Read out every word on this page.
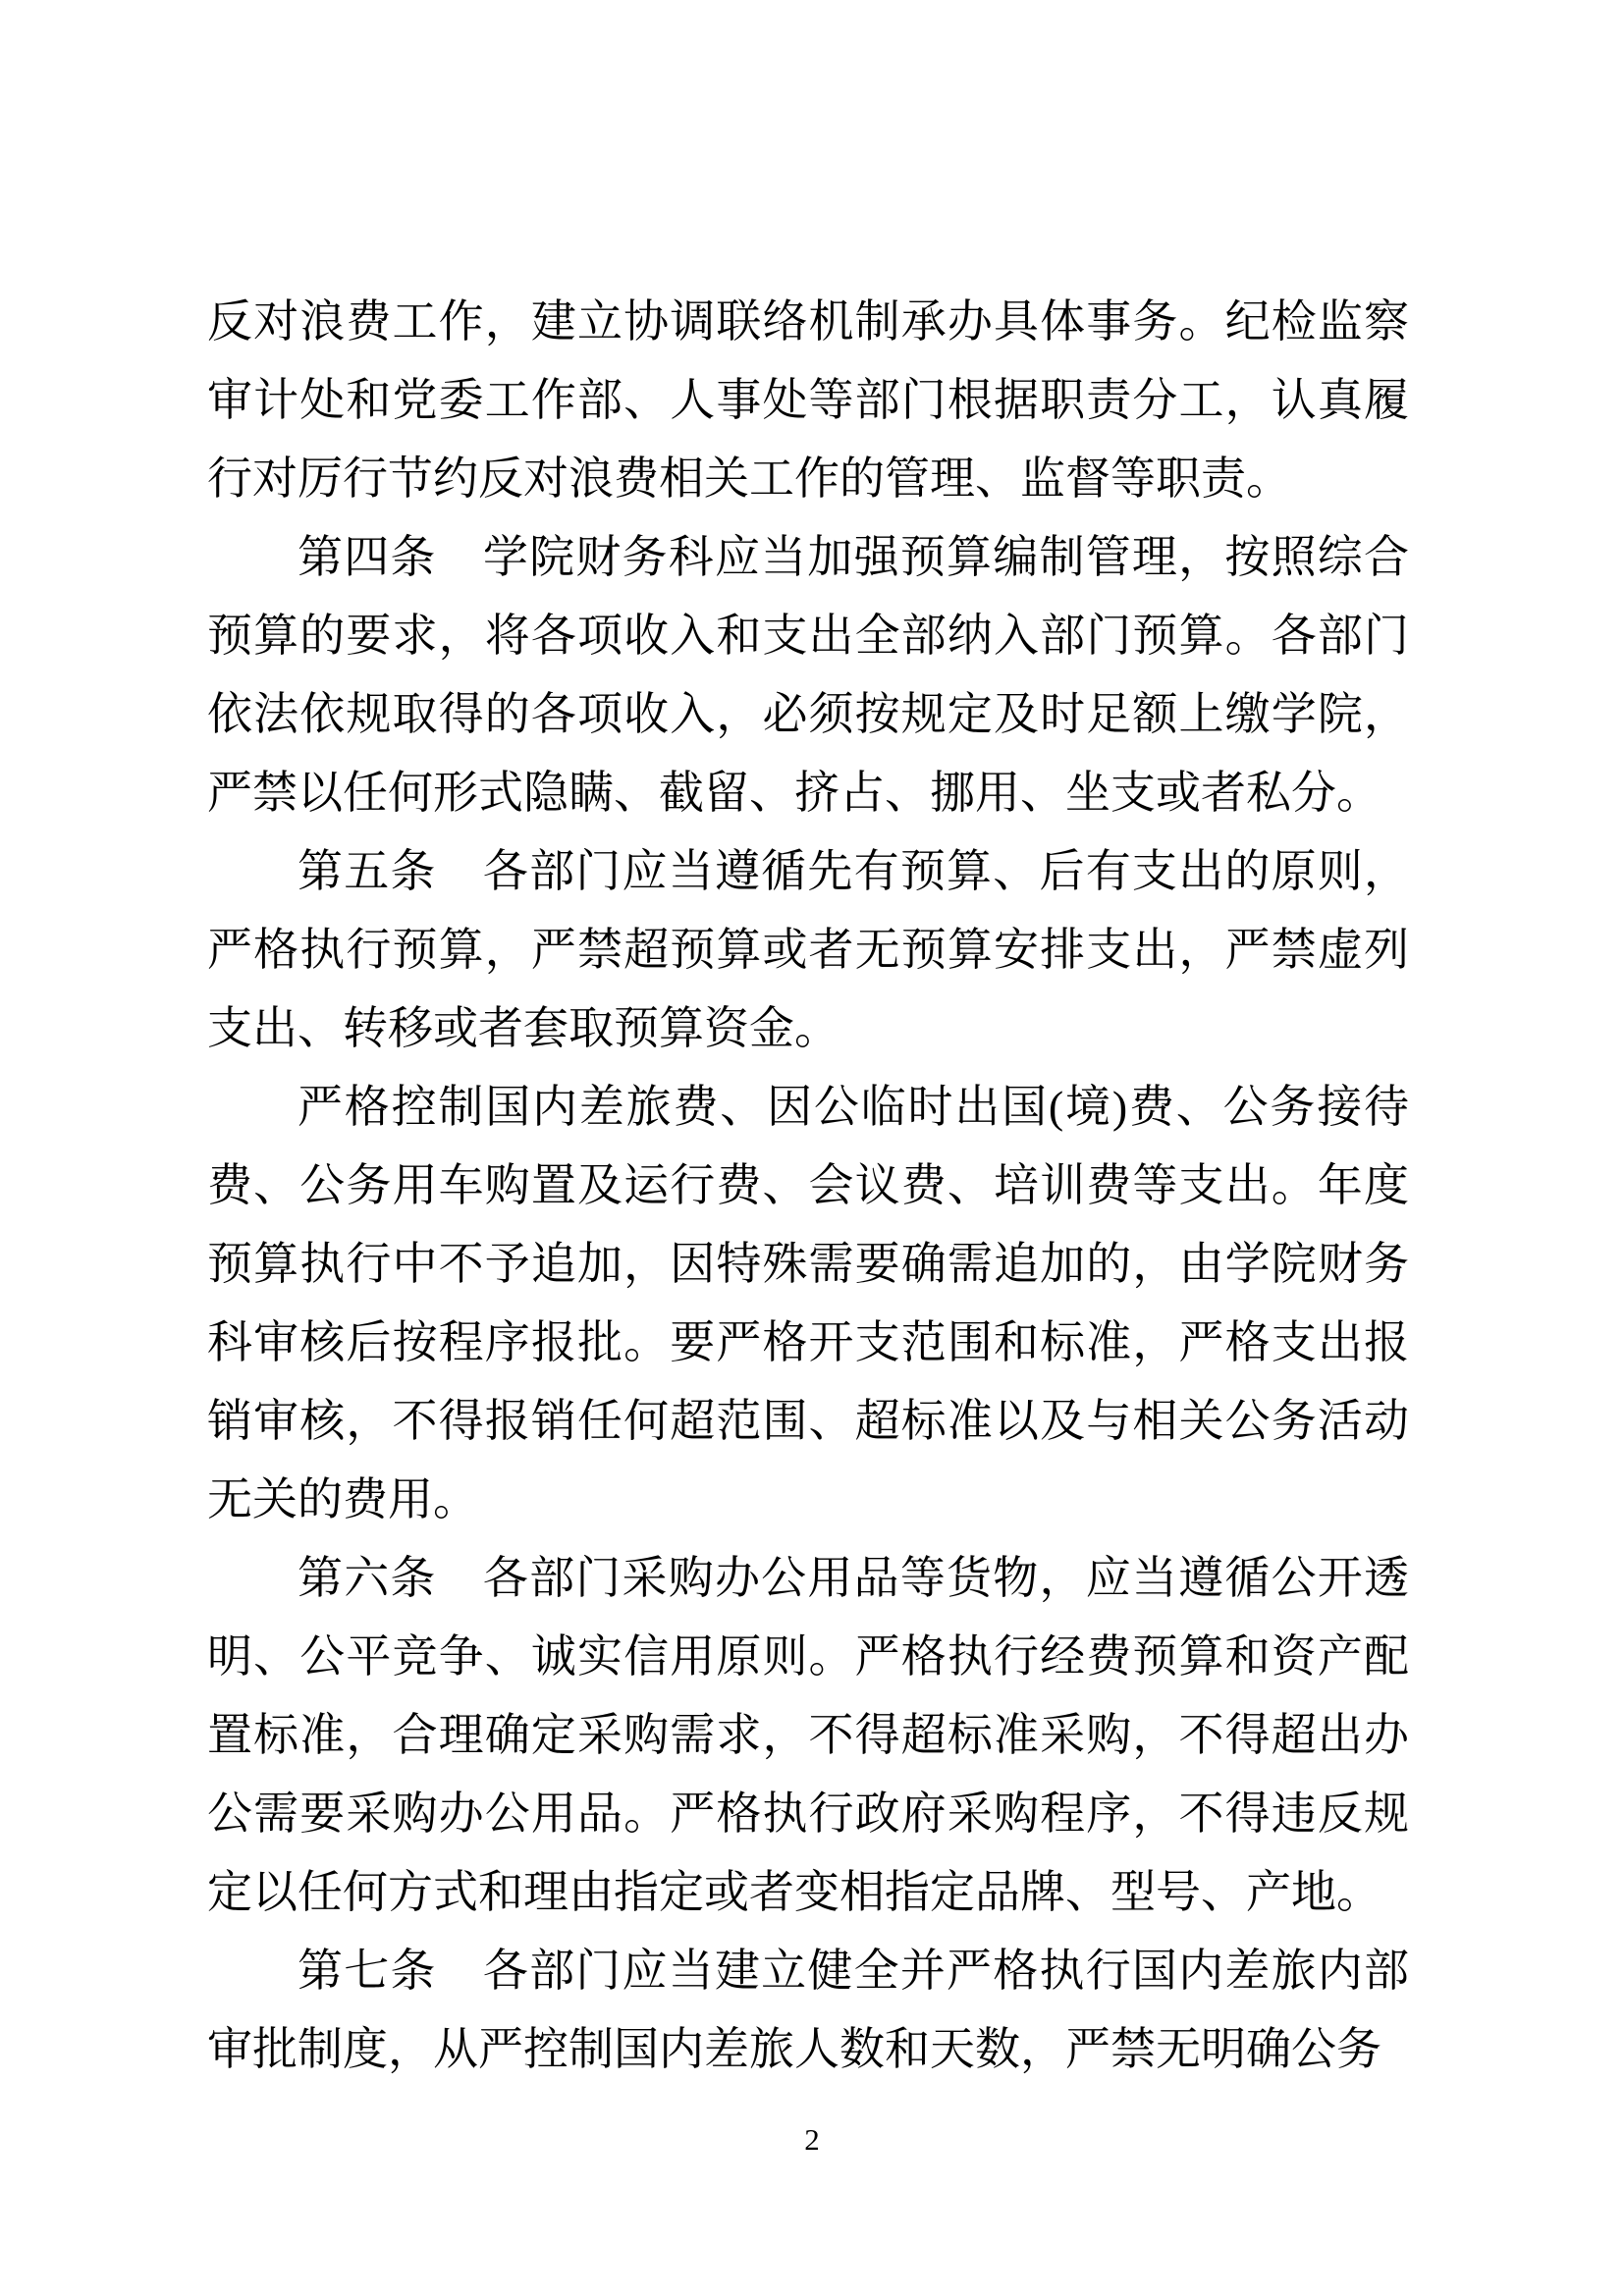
反对浪费工作，建立协调联络机制承办具体事务。纪检监察审计处和党委工作部、人事处等部门根据职责分工，认真履行对厉行节约反对浪费相关工作的管理、监督等职责。

第四条　学院财务科应当加强预算编制管理，按照综合预算的要求，将各项收入和支出全部纳入部门预算。各部门依法依规取得的各项收入，必须按规定及时足额上缴学院，严禁以任何形式隐瞒、截留、挤占、挪用、坐支或者私分。

第五条　各部门应当遵循先有预算、后有支出的原则，严格执行预算，严禁超预算或者无预算安排支出，严禁虚列支出、转移或者套取预算资金。

严格控制国内差旅费、因公临时出国(境)费、公务接待费、公务用车购置及运行费、会议费、培训费等支出。年度预算执行中不予追加，因特殊需要确需追加的，由学院财务科审核后按程序报批。要严格开支范围和标准，严格支出报销审核，不得报销任何超范围、超标准以及与相关公务活动无关的费用。

第六条　各部门采购办公用品等货物，应当遵循公开透明、公平竞争、诚实信用原则。严格执行经费预算和资产配置标准，合理确定采购需求，不得超标准采购，不得超出办公需要采购办公用品。严格执行政府采购程序，不得违反规定以任何方式和理由指定或者变相指定品牌、型号、产地。

第七条　各部门应当建立健全并严格执行国内差旅内部审批制度，从严控制国内差旅人数和天数，严禁无明确公务

2
